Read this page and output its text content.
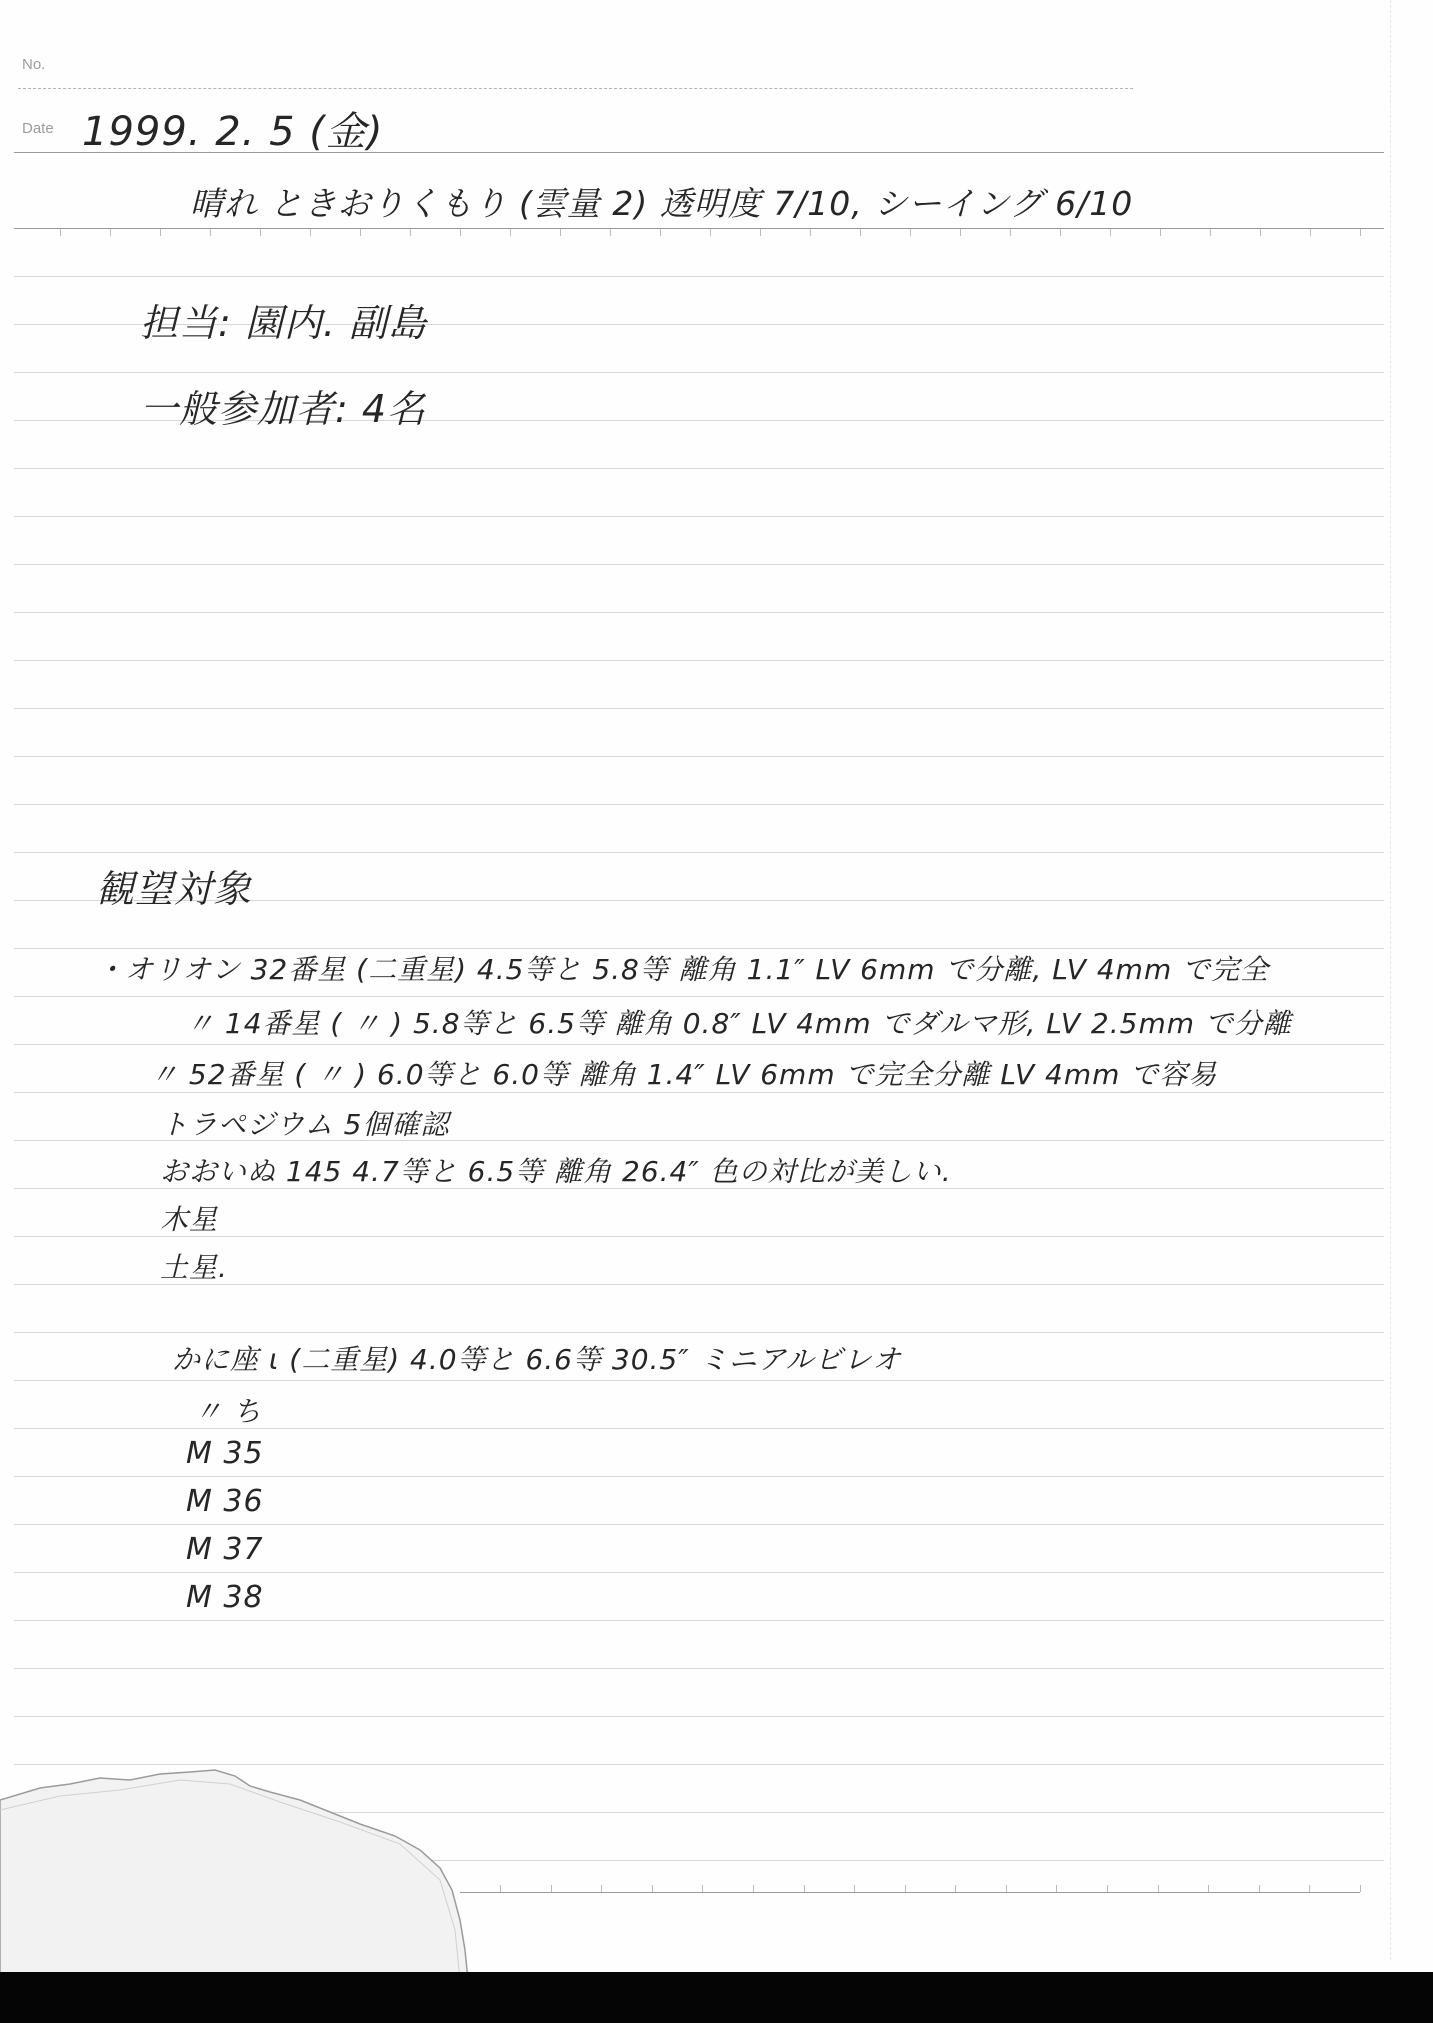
No.
Date 1999. 2. 5 (金)
晴れ ときおりくもり (雲量 2) 透明度 7/10, シーイング 6/10
担当: 園内. 副島
一般参加者: 4名
観望対象
・オリオン 32番星 (二重星) 4.5等と 5.8等 離角 1.1″ LV 6mm で分離, LV 4mm で完全
〃 14番星 ( 〃 ) 5.8等と 6.5等 離角 0.8″ LV 4mm でダルマ形, LV 2.5mm で分離
〃 52番星 ( 〃 ) 6.0等と 6.0等 離角 1.4″ LV 6mm で完全分離 LV 4mm で容易
トラペジウム 5個確認
おおいぬ 145 4.7等と 6.5等 離角 26.4″ 色の対比が美しい.
木星
土星.
かに座 ι (二重星) 4.0等と 6.6等 30.5″ ミニアルビレオ
〃 ち
M 35
M 36
M 37
M 38
